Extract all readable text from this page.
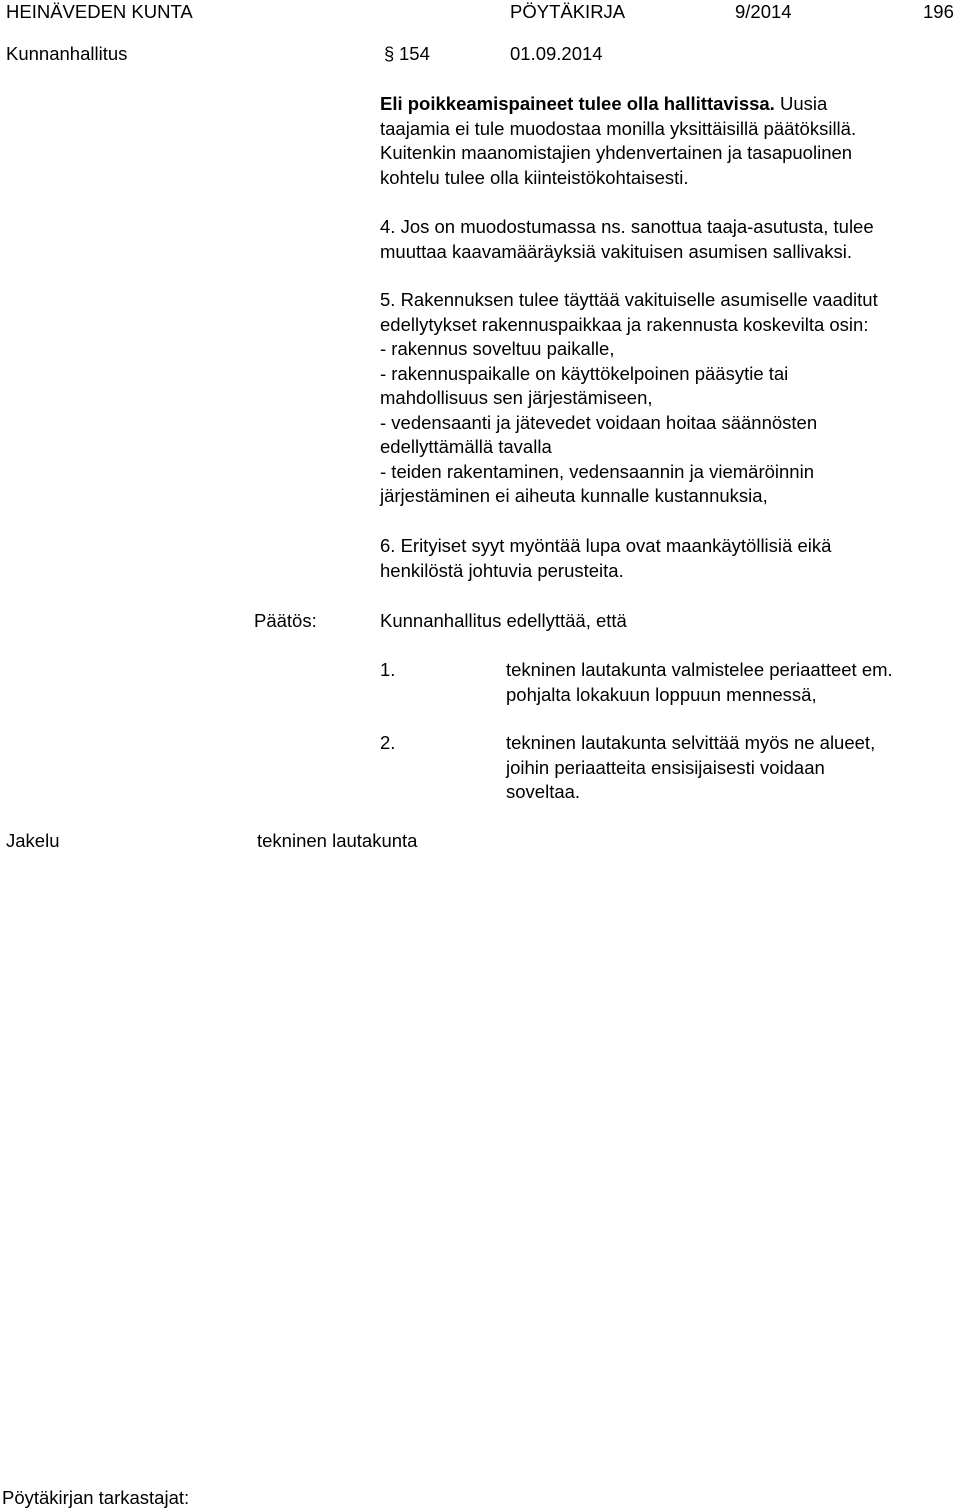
HEINÄVEDEN KUNTA	PÖYTÄKIRJA	9/2014	196
Kunnanhallitus	§ 154	01.09.2014
Eli poikkeamispaineet tulee olla hallittavissa. Uusia
taajamia ei tule muodostaa monilla yksittäisillä päätöksillä.
Kuitenkin maanomistajien yhdenvertainen ja tasapuolinen
kohtelu tulee olla kiinteistökohtaisesti.
4. Jos on muodostumassa ns. sanottua taaja-asutusta, tulee
muuttaa kaavamääräyksiä vakituisen asumisen sallivaksi.
5. Rakennuksen tulee täyttää vakituiselle asumiselle vaaditut
edellytykset rakennuspaikkaa ja rakennusta koskevilta osin:
- rakennus soveltuu paikalle,
- rakennuspaikalle on käyttökelpoinen pääsytie tai
mahdollisuus sen järjestämiseen,
- vedensaanti ja jätevedet voidaan hoitaa säännösten
edellyttämällä tavalla
- teiden rakentaminen, vedensaannin ja viemäröinnin
järjestäminen ei aiheuta kunnalle kustannuksia,
6. Erityiset syyt myöntää lupa ovat maankäytöllisiä eikä
henkilöstä johtuvia perusteita.
Päätös:	Kunnanhallitus edellyttää, että
1.	tekninen lautakunta valmistelee periaatteet em.
pohjalta lokakuun loppuun mennessä,
2.	tekninen lautakunta selvittää myös ne alueet,
joihin periaatteita ensisijaisesti voidaan
soveltaa.
Jakelu	tekninen lautakunta
Pöytäkirjan tarkastajat:
